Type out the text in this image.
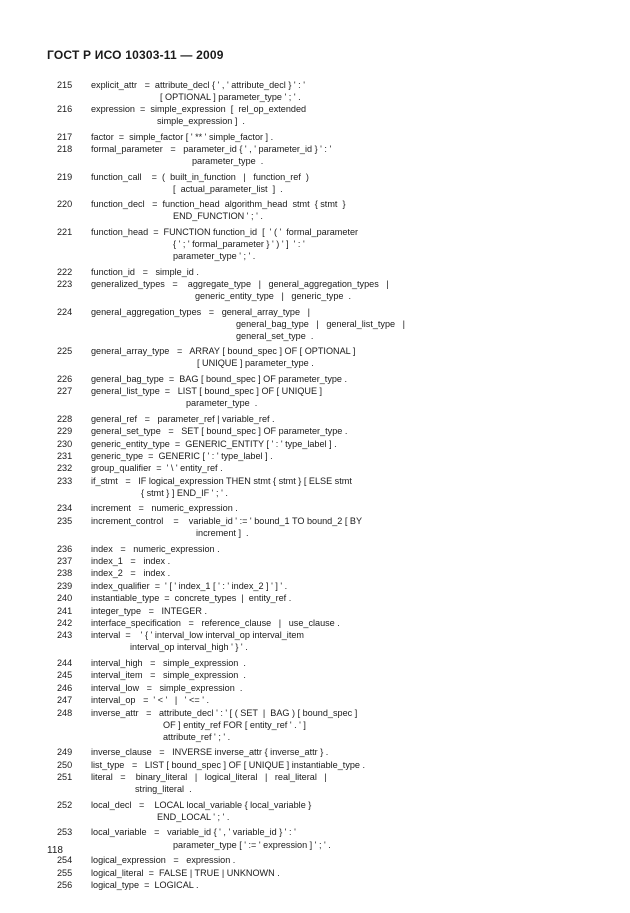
ГОСТ Р ИСО 10303-11 — 2009
215	explicit_attr   =  attribute_decl { ' , ' attribute_decl } ' : '
[ OPTIONAL ] parameter_type ' ; ' .
216	expression  =  simple_expression  [  rel_op_extended
simple_expression ]  .
217	factor  =  simple_factor [ ' ** ' simple_factor ] .
218	formal_parameter   =   parameter_id { ' , ' parameter_id } ' : '
parameter_type  .
219	function_call    =  (  built_in_function   |   function_ref  )
[  actual_parameter_list  ]  .
220	function_decl   =  function_head  algorithm_head  stmt  { stmt  }
END_FUNCTION ' ; ' .
221	function_head  =  FUNCTION function_id  [  ' ( '  formal_parameter
{ ' ; ' formal_parameter } ' ) ' ]  ' : '
parameter_type ' ; ' .
222	function_id   =   simple_id .
223	generalized_types   =    aggregate_type   |   general_aggregation_types   |
generic_entity_type   |   generic_type  .
224	general_aggregation_types   =   general_array_type   |
general_bag_type   |   general_list_type   |
general_set_type  .
225	general_array_type   =   ARRAY [ bound_spec ] OF [ OPTIONAL ]
[ UNIQUE ] parameter_type .
226	general_bag_type  =  BAG [ bound_spec ] OF parameter_type .
227	general_list_type  =   LIST [ bound_spec ] OF [ UNIQUE ]
parameter_type  .
228	general_ref   =   parameter_ref | variable_ref .
229	general_set_type   =   SET [ bound_spec ] OF parameter_type .
230	generic_entity_type  =  GENERIC_ENTITY [ ' : ' type_label ] .
231	generic_type  =  GENERIC [ ' : ' type_label ] .
232	group_qualifier  =  ' \ ' entity_ref .
233	if_stmt   =   IF logical_expression THEN stmt { stmt } [ ELSE stmt
{ stmt } ] END_IF ' ; ' .
234	increment   =   numeric_expression .
235	increment_control    =    variable_id ' := ' bound_1 TO bound_2 [ BY
increment ]  .
236	index   =   numeric_expression .
237	index_1   =   index .
238	index_2   =   index .
239	index_qualifier  =  ' [ ' index_1 [ ' : ' index_2 ] ' ] ' .
240	instantiable_type  =  concrete_types  |  entity_ref .
241	integer_type   =   INTEGER .
242	interface_specification   =   reference_clause   |   use_clause .
243	interval  =    ' { ' interval_low interval_op interval_item
interval_op interval_high ' } ' .
244	interval_high   =   simple_expression  .
245	interval_item   =   simple_expression  .
246	interval_low   =   simple_expression  .
247	interval_op   =  ' < '   |   ' <= ' .
248	inverse_attr   =   attribute_decl ' : ' [ ( SET  |  BAG ) [ bound_spec ]
OF ] entity_ref FOR [ entity_ref ' . ' ]
attribute_ref ' ; ' .
249	inverse_clause   =   INVERSE inverse_attr { inverse_attr } .
250	list_type   =   LIST [ bound_spec ] OF [ UNIQUE ] instantiable_type .
251	literal   =    binary_literal   |   logical_literal   |   real_literal   |
string_literal  .
252	local_decl   =    LOCAL local_variable { local_variable }
END_LOCAL ' ; ' .
253	local_variable   =   variable_id { ' , ' variable_id } ' : '
parameter_type [ ' := ' expression ] ' ; ' .
254	logical_expression   =   expression .
255	logical_literal  =  FALSE | TRUE | UNKNOWN .
256	logical_type  =  LOGICAL .
118
